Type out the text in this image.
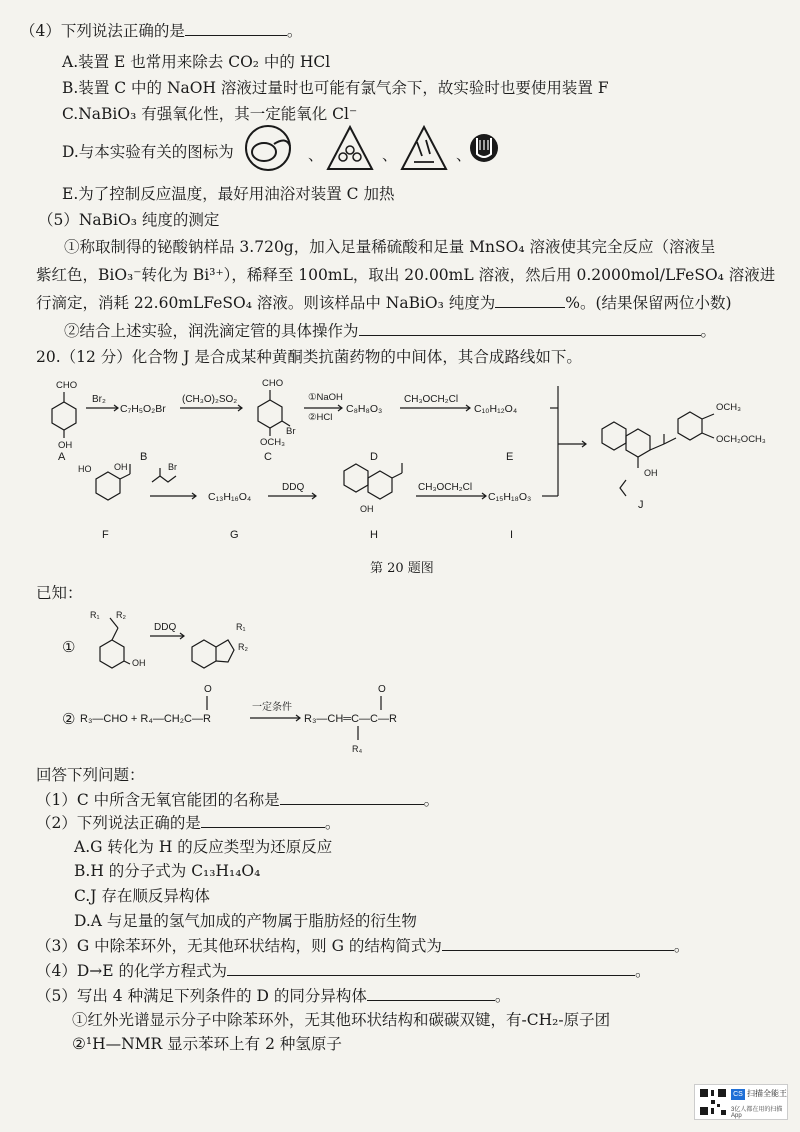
（4）下列说法正确的是	。
A.装置 E 也常用来除去 CO₂ 中的 HCl
B.装置 C 中的 NaOH 溶液过量时也可能有氯气余下，故实验时也要使用装置 F
C.NaBiO₃ 有强氧化性，其一定能氧化 Cl⁻
D.与本实验有关的图标为	、	、	、
E.为了控制反应温度，最好用油浴对装置 C 加热
（5）NaBiO₃ 纯度的测定
①称取制得的铋酸钠样品 3.720g，加入足量稀硫酸和足量 MnSO₄ 溶液使其完全反应（溶液呈
紫红色，BiO₃⁻转化为 Bi³⁺），稀释至 100mL，取出 20.00mL 溶液，然后用 0.2000mol/LFeSO₄ 溶液进
行滴定，消耗 22.60mLFeSO₄ 溶液。则该样品中 NaBiO₃ 纯度为	%。(结果保留两位小数)
②结合上述实验，润洗滴定管的具体操作为	。
20.（12 分）化合物 J 是合成某种黄酮类抗菌药物的中间体，其合成路线如下。
CHO
OH
Br₂
C₇H₅O₂Br
(CH₃O)₂SO₂
CHO
Br
OCH₃
①NaOH
②HCl
C₈H₈O₃
CH₃OCH₂Cl
C₁₀H₁₂O₄
HO	OH	Br
C₁₃H₁₆O₄
DDQ
OH
CH₃OCH₂Cl
C₁₅H₁₈O₃
OCH₃
OCH₂OCH₃
OH
A	B	C	D	E
F	G	H	I
J
第 20 题图
已知：
①
R₁ R₂
OH
DDQ	R₁
R₂
② R₃—CHO + R₄—CH₂C—R
O
一定条件
R₃—CH═C—C—R
O
R₄
回答下列问题：
（1）C 中所含无氧官能团的名称是	。
（2）下列说法正确的是	。
A.G 转化为 H 的反应类型为还原反应
B.H 的分子式为 C₁₃H₁₄O₄
C.J 存在顺反异构体
D.A 与足量的氢气加成的产物属于脂肪烃的衍生物
（3）G 中除苯环外，无其他环状结构，则 G 的结构简式为	。
（4）D→E 的化学方程式为	。
（5）写出 4 种满足下列条件的 D 的同分异构体	。
①红外光谱显示分子中除苯环外，无其他环状结构和碳碳双键，有-CH₂-原子团
②¹H—NMR 显示苯环上有 2 种氢原子
CS 扫描全能王
3亿人都在用的扫描App
